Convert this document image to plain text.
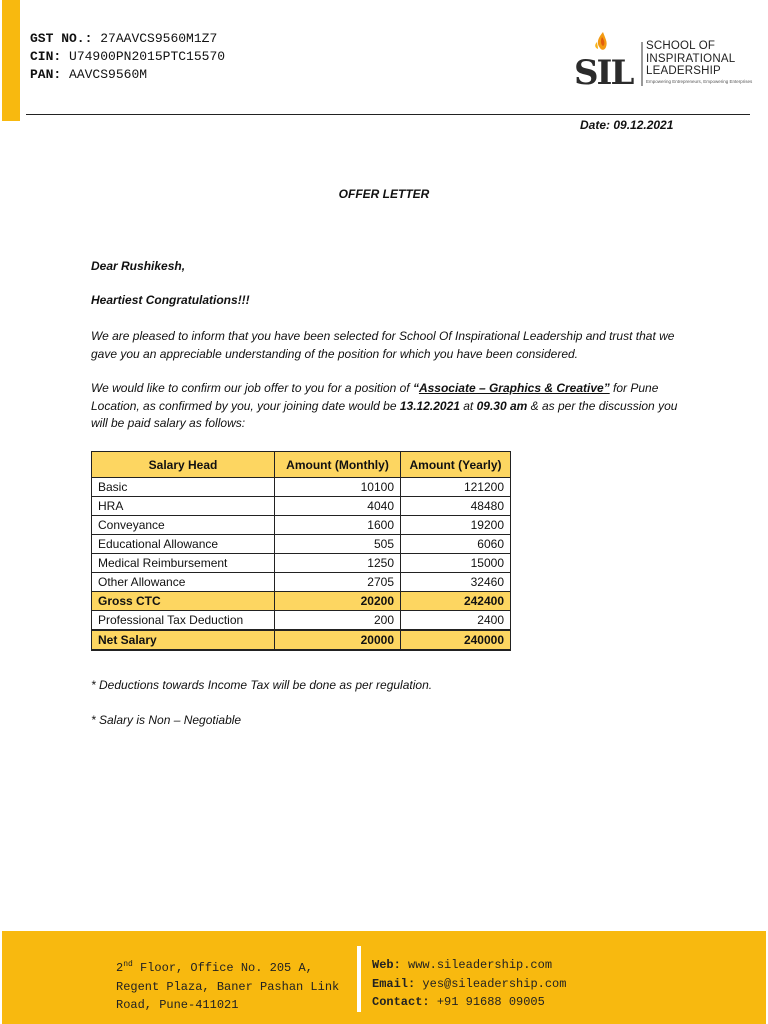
GST NO.: 27AAVCS9560M1Z7
CIN: U74900PN2015PTC15570
PAN: AAVCS9560M	SIL
SCHOOL OF
INSPIRATIONAL
LEADERSHIP
Empowering Entrepreneurs, Empowering Enterprises
Date: 09.12.2021
OFFER LETTER
Dear Rushikesh,
Heartiest Congratulations!!!
We are pleased to inform that you have been selected for School Of Inspirational Leadership and trust that we gave you an appreciable understanding of the position for which you have been considered.
We would like to confirm our job offer to you for a position of “Associate – Graphics & Creative” for Pune Location, as confirmed by you, your joining date would be 13.12.2021 at 09.30 am & as per the discussion you will be paid salary as follows:
Salary Head	Amount (Monthly)	Amount (Yearly)
Basic	10100	121200
HRA	4040	48480
Conveyance	1600	19200
Educational Allowance	505	6060
Medical Reimbursement	1250	15000
Other Allowance	2705	32460
Gross CTC	20200	242400
Professional Tax Deduction	200	2400
Net Salary	20000	240000
* Deductions towards Income Tax will be done as per regulation.
* Salary is Non – Negotiable
2nd Floor, Office No. 205 A,
Regent Plaza, Baner Pashan Link
Road, Pune-411021
Web: www.sileadership.com
Email: yes@sileadership.com
Contact: +91 91688 09005
